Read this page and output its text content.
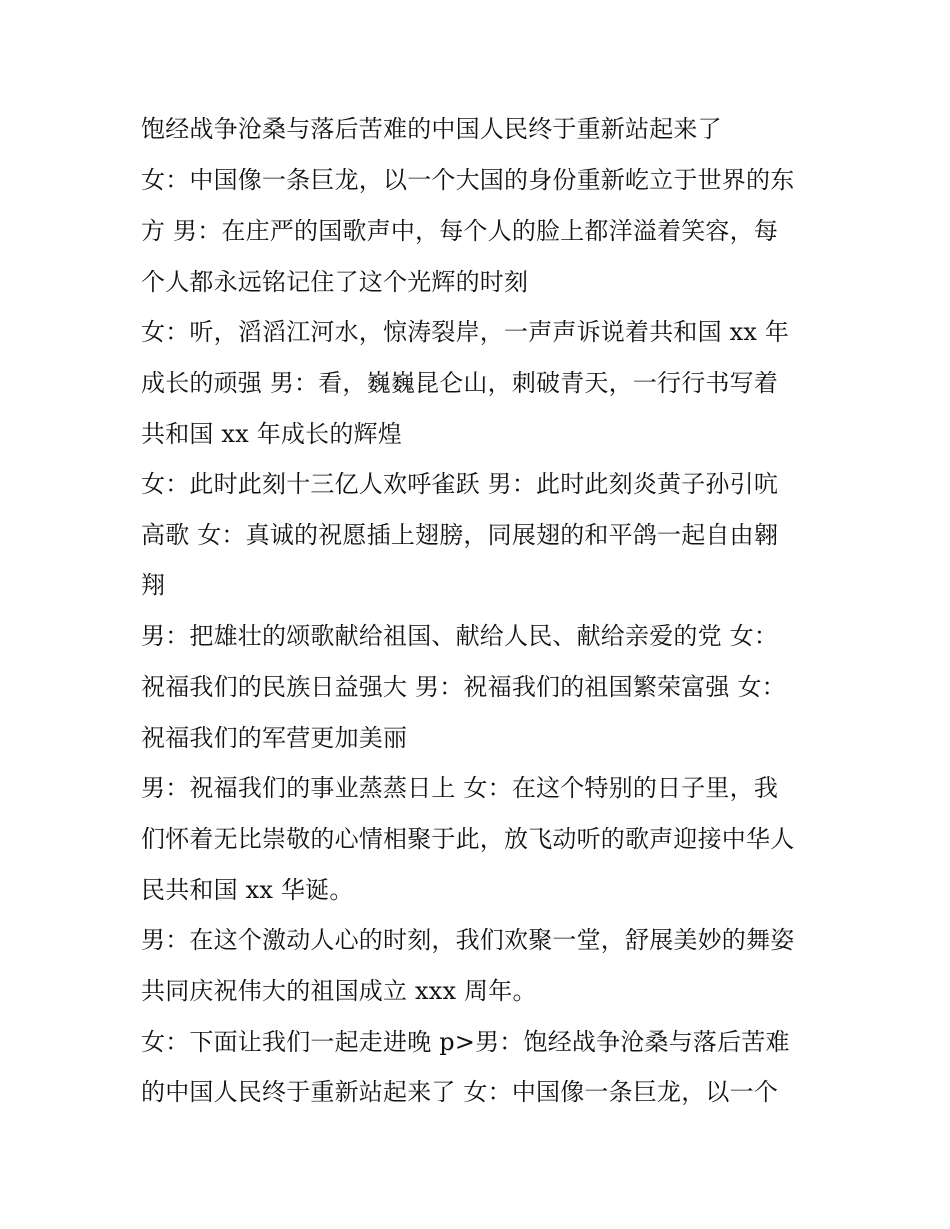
饱经战争沧桑与落后苦难的中国人民终于重新站起来了
女：中国像一条巨龙，以一个大国的身份重新屹立于世界的东
方 男：在庄严的国歌声中，每个人的脸上都洋溢着笑容，每
个人都永远铭记住了这个光辉的时刻
女：听，滔滔江河水，惊涛裂岸，一声声诉说着共和国 xx 年
成长的顽强 男：看，巍巍昆仑山，刺破青天，一行行书写着
共和国 xx 年成长的辉煌
女：此时此刻十三亿人欢呼雀跃 男：此时此刻炎黄子孙引吭
高歌 女：真诚的祝愿插上翅膀，同展翅的和平鸽一起自由翱
翔
男：把雄壮的颂歌献给祖国、献给人民、献给亲爱的党 女：
祝福我们的民族日益强大 男：祝福我们的祖国繁荣富强 女：
祝福我们的军营更加美丽
男：祝福我们的事业蒸蒸日上 女：在这个特别的日子里，我
们怀着无比崇敬的心情相聚于此，放飞动听的歌声迎接中华人
民共和国 xx 华诞。
男：在这个激动人心的时刻，我们欢聚一堂，舒展美妙的舞姿
共同庆祝伟大的祖国成立 xxx 周年。
女：下面让我们一起走进晚 p>男：饱经战争沧桑与落后苦难
的中国人民终于重新站起来了 女：中国像一条巨龙，以一个
